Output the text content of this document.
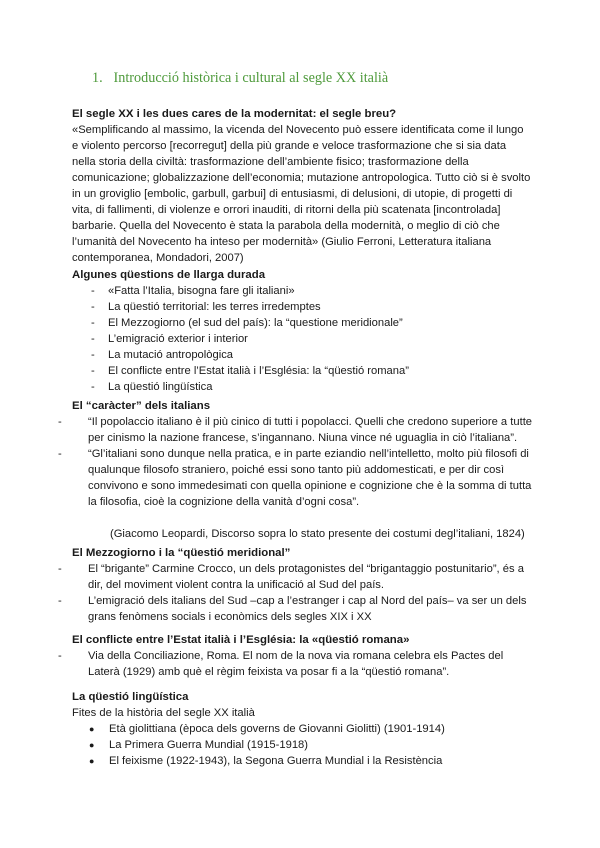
1. Introducció històrica i cultural al segle XX italià

El segle XX i les dues cares de la modernitat: el segle breu?

«Semplificando al massimo, la vicenda del Novecento può essere identificata come il lungo
e violento percorso [recorregut] della più grande e veloce trasformazione che si sia data
nella storia della civiltà: trasformazione dell’ambiente fisico; trasformazione della
comunicazione; globalizzazione dell’economia; mutazione antropologica. Tutto ciò si è svolto
in un groviglio [embolic, garbull, garbui] di entusiasmi, di delusioni, di utopie, di progetti di
vita, di fallimenti, di violenze e orrori inauditi, di ritorni della più scatenata [incontrolada]
barbarie. Quella del Novecento è stata la parabola della modernità, o meglio di ciò che
l’umanità del Novecento ha inteso per modernità» (Giulio Ferroni, Letteratura italiana
contemporanea, Mondadori, 2007)

Algunes qüestions de llarga durada

- «Fatta l’Italia, bisogna fare gli italiani»
- La qüestió territorial: les terres irredemptes
- El Mezzogiorno (el sud del país): la “questione meridionale”
- L’emigració exterior i interior
- La mutació antropològica
- El conflicte entre l’Estat italià i l’Església: la “qüestió romana”
- La qüestió lingüística

El “caràcter” dels italians

- “Il popolaccio italiano è il più cinico di tutti i popolacci. Quelli che credono superiore a tutte
per cinismo la nazione francese, s’ingannano. Niuna vince né uguaglia in ciò l’italiana”.
- “Gl’italiani sono dunque nella pratica, e in parte eziandio nell’intelletto, molto più filosofi di
qualunque filosofo straniero, poiché essi sono tanto più addomesticati, e per dir così
convivono e sono immedesimati con quella opinione e cognizione che è la somma di tutta
la filosofia, cioè la cognizione della vanità d’ogni cosa”.
(Giacomo Leopardi, Discorso sopra lo stato presente dei costumi degl’italiani, 1824)

El Mezzogiorno i la “qüestió meridional”

- El “brigante” Carmine Crocco, un dels protagonistes del “brigantaggio postunitario”, és a
dir, del moviment violent contra la unificació al Sud del país.
- L’emigració dels italians del Sud –cap a l’estranger i cap al Nord del país– va ser un dels
grans fenòmens socials i econòmics dels segles XIX i XX

El conflicte entre l’Estat italià i l’Església: la «qüestió romana»

- Via della Conciliazione, Roma. El nom de la nova via romana celebra els Pactes del
Laterà (1929) amb què el règim feixista va posar fi a la “qüestió romana”.

La qüestió lingüística

Fites de la història del segle XX italià
● Età giolittiana (època dels governs de Giovanni Giolitti) (1901-1914)
● La Primera Guerra Mundial (1915-1918)
● El feixisme (1922-1943), la Segona Guerra Mundial i la Resistència
